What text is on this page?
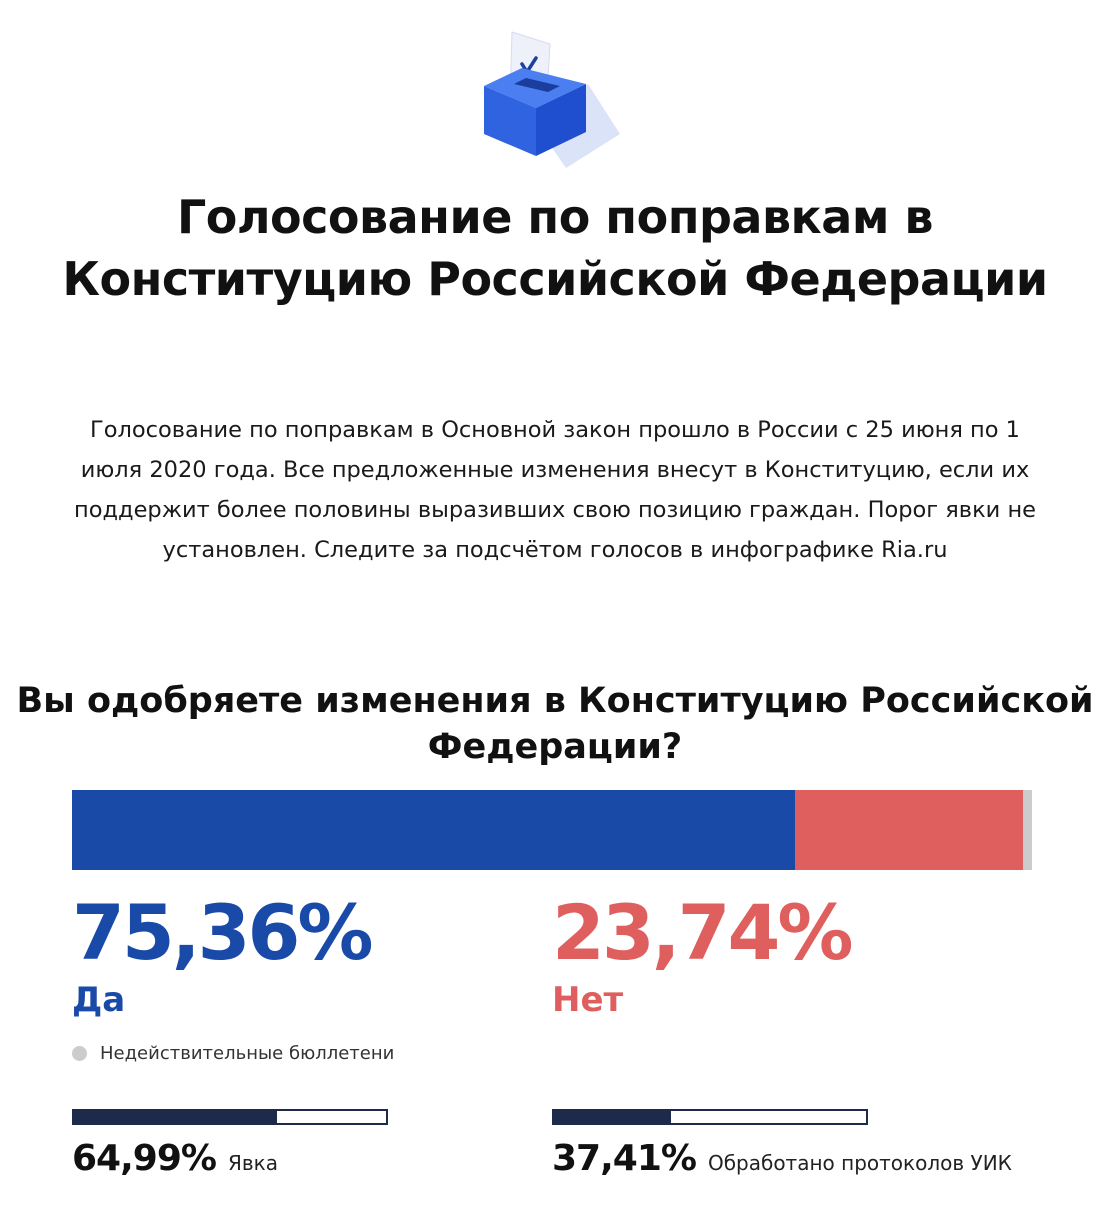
Голосование по поправкам в Конституцию Российской Федерации

Голосование по поправкам в Основной закон прошло в России с 25 июня по 1 июля 2020 года. Все предложенные изменения внесут в Конституцию, если их поддержит более половины выразивших свою позицию граждан. Порог явки не установлен. Следите за подсчётом голосов в инфографике Ria.ru

Вы одобряете изменения в Конституцию Российской Федерации?
75,36%
Да
23,74%
Нет
Недействительные бюллетени
64,99% Явка	37,41% Обработано протоколов УИК
